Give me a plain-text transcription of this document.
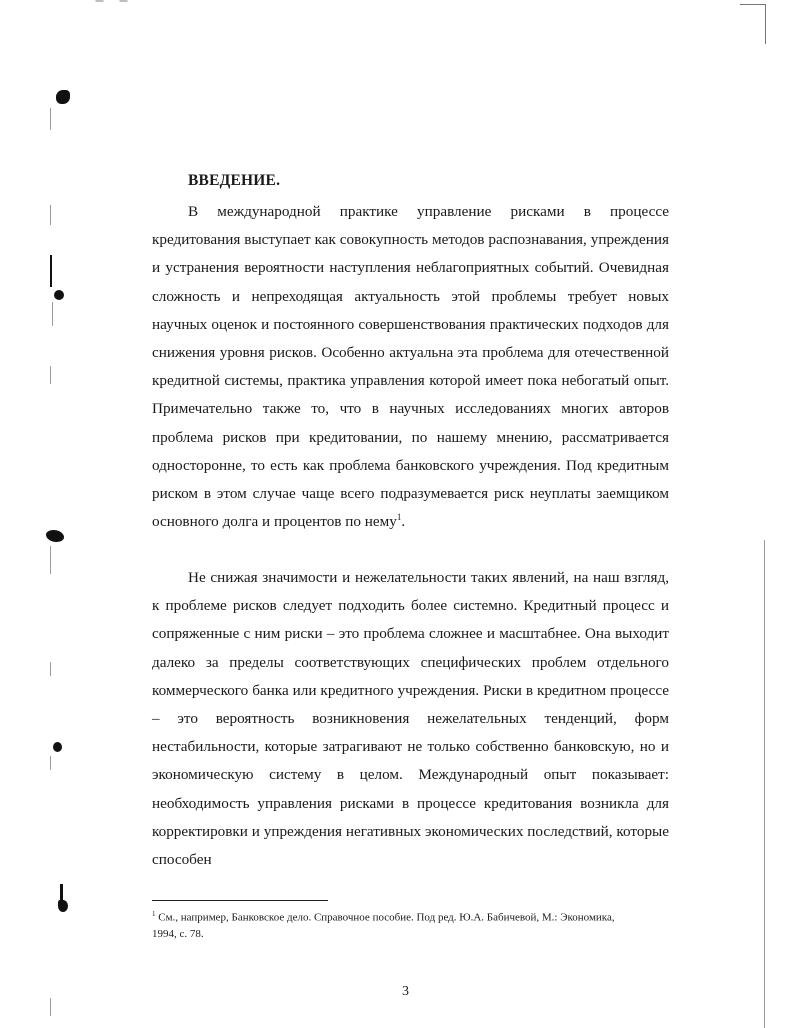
ВВЕДЕНИЕ.

В международной практике управление рисками в процессе кредитования выступает как совокупность методов распознавания, упреждения и устранения вероятности наступления неблагоприятных событий. Очевидная сложность и непреходящая актуальность этой проблемы требует новых научных оценок и постоянного совершенствования практических подходов для снижения уровня рисков. Особенно актуальна эта проблема для отечественной кредитной системы, практика управления которой имеет пока небогатый опыт. Примечательно также то, что в научных исследованиях многих авторов проблема рисков при кредитовании, по нашему мнению, рассматривается односторонне, то есть как проблема банковского учреждения. Под кредитным риском в этом случае чаще всего подразумевается риск неуплаты заемщиком основного долга и процентов по нему$^1$.

Не снижая значимости и нежелательности таких явлений, на наш взгляд, к проблеме рисков следует подходить более системно. Кредитный процесс и сопряженные с ним риски – это проблема сложнее и масштабнее. Она выходит далеко за пределы соответствующих специфических проблем отдельного коммерческого банка или кредитного учреждения. Риски в кредитном процессе – это вероятность возникновения нежелательных тенденций, форм нестабильности, которые затрагивают не только собственно банковскую, но и экономическую систему в целом. Международный опыт показывает: необходимость управления рисками в процессе кредитования возникла для корректировки и упреждения негативных экономических последствий, которые способен

$^1$ См., например, Банковское дело. Справочное пособие. Под ред. Ю.А. Бабичевой, М.: Экономика, 1994, с. 78.
3
